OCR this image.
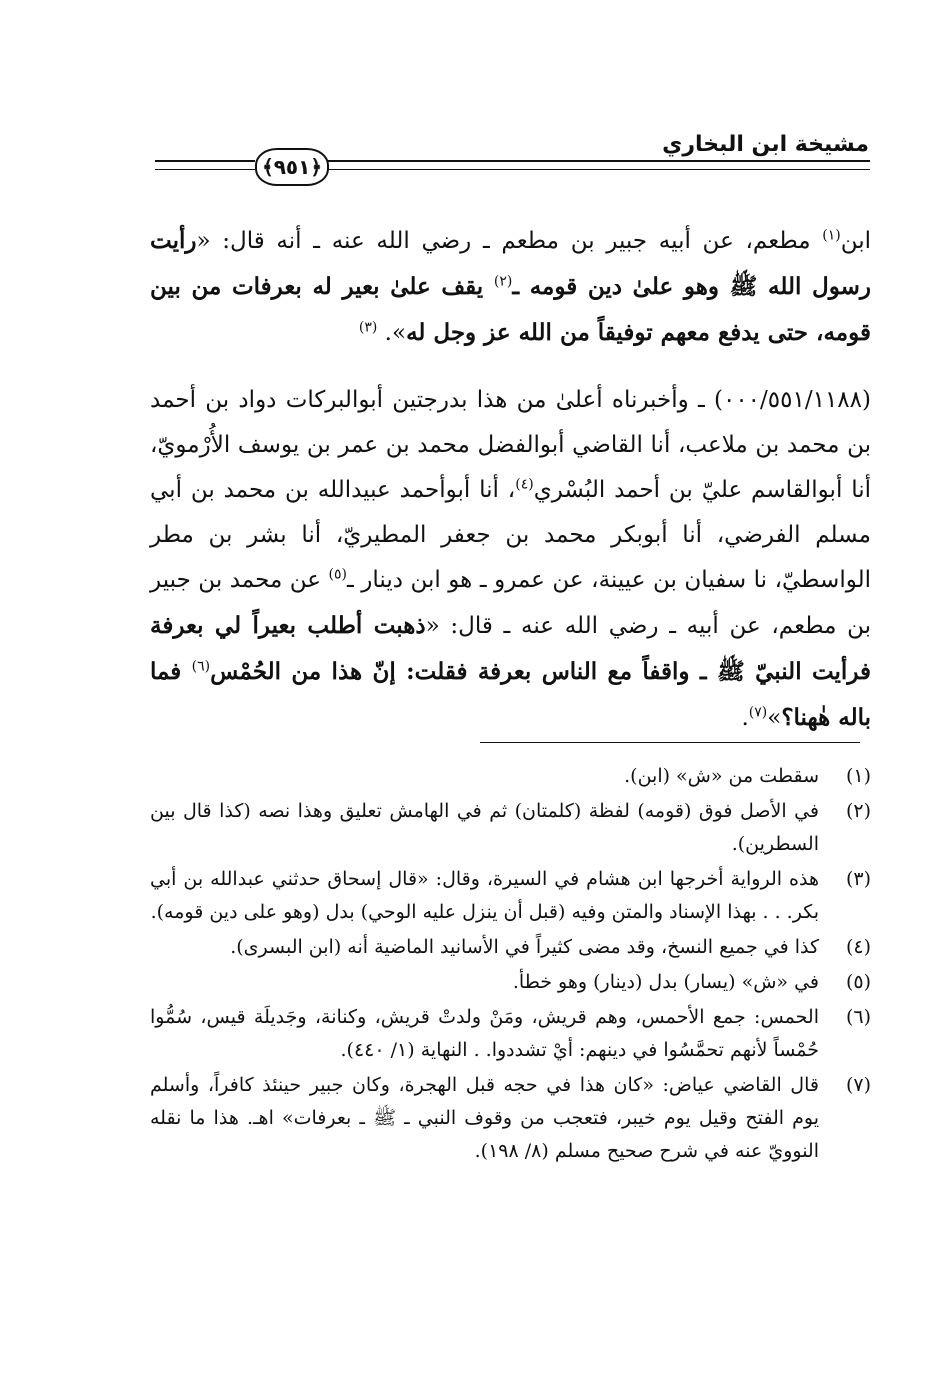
مشيخة ابن البخاري
﴿٩٥١﴾

ابن$^{(١)}$ مطعم، عن أبيه جبير بن مطعم ـ رضي الله عنه ـ أنه قال: «رأيت رسول الله ﷺ وهو علىٰ دين قومه ـ$^{(٢)}$ يقف علىٰ بعير له بعرفات من بين قومه، حتى يدفع معهم توفيقاً من الله عز وجل له». $^{(٣)}$

(٠٠٠/٥٥١/١١٨٨) ـ وأخبرناه أعلىٰ من هذا بدرجتين أبوالبركات دواد بن أحمد بن محمد بن ملاعب، أنا القاضي أبوالفضل محمد بن عمر بن يوسف الأُرْمويّ، أنا أبوالقاسم عليّ بن أحمد البُسْري$^{(٤)}$، أنا أبوأحمد عبيدالله بن محمد بن أبي مسلم الفرضي، أنا أبوبكر محمد بن جعفر المطيريّ، أنا بشر بن مطر الواسطيّ، نا سفيان بن عيينة، عن عمرو ـ هو ابن دينار ـ$^{(٥)}$ عن محمد بن جبير بن مطعم، عن أبيه ـ رضي الله عنه ـ قال: «ذهبت أطلب بعيراً لي بعرفة فرأيت النبيّ ﷺ ـ واقفاً مع الناس بعرفة فقلت: إنّ هذا من الحُمْس$^{(٦)}$ فما باله هٰهنا؟»$^{(٧)}$.

(١)
سقطت من «ش» (ابن).
(٢)
في الأصل فوق (قومه) لفظة (كلمتان) ثم في الهامش تعليق وهذا نصه (كذا قال بين السطرين).
(٣)
هذه الرواية أخرجها ابن هشام في السيرة، وقال: «قال إسحاق حدثني عبدالله بن أبي بكر. . . بهذا الإسناد والمتن وفيه (قبل أن ينزل عليه الوحي) بدل (وهو على دين قومه).
(٤)
كذا في جميع النسخ، وقد مضى كثيراً في الأسانيد الماضية أنه (ابن البسرى).
(٥)
في «ش» (يسار) بدل (دينار) وهو خطأ.
(٦)
الحمس: جمع الأحمس، وهم قريش، ومَنْ ولدتْ قريش، وكنانة، وجَديلَة قيس، سُمُّوا حُمْساً لأنهم تحمَّسُوا في دينهم: أيْ تشددوا. . النهاية (١/ ٤٤٠).
(٧)
قال القاضي عياض: «كان هذا في حجه قبل الهجرة، وكان جبير حينئذ كافراً، وأسلم يوم الفتح وقيل يوم خيبر، فتعجب من وقوف النبي ـ ﷺ ـ بعرفات» اهـ. هذا ما نقله النوويّ عنه في شرح صحيح مسلم (٨/ ١٩٨).
